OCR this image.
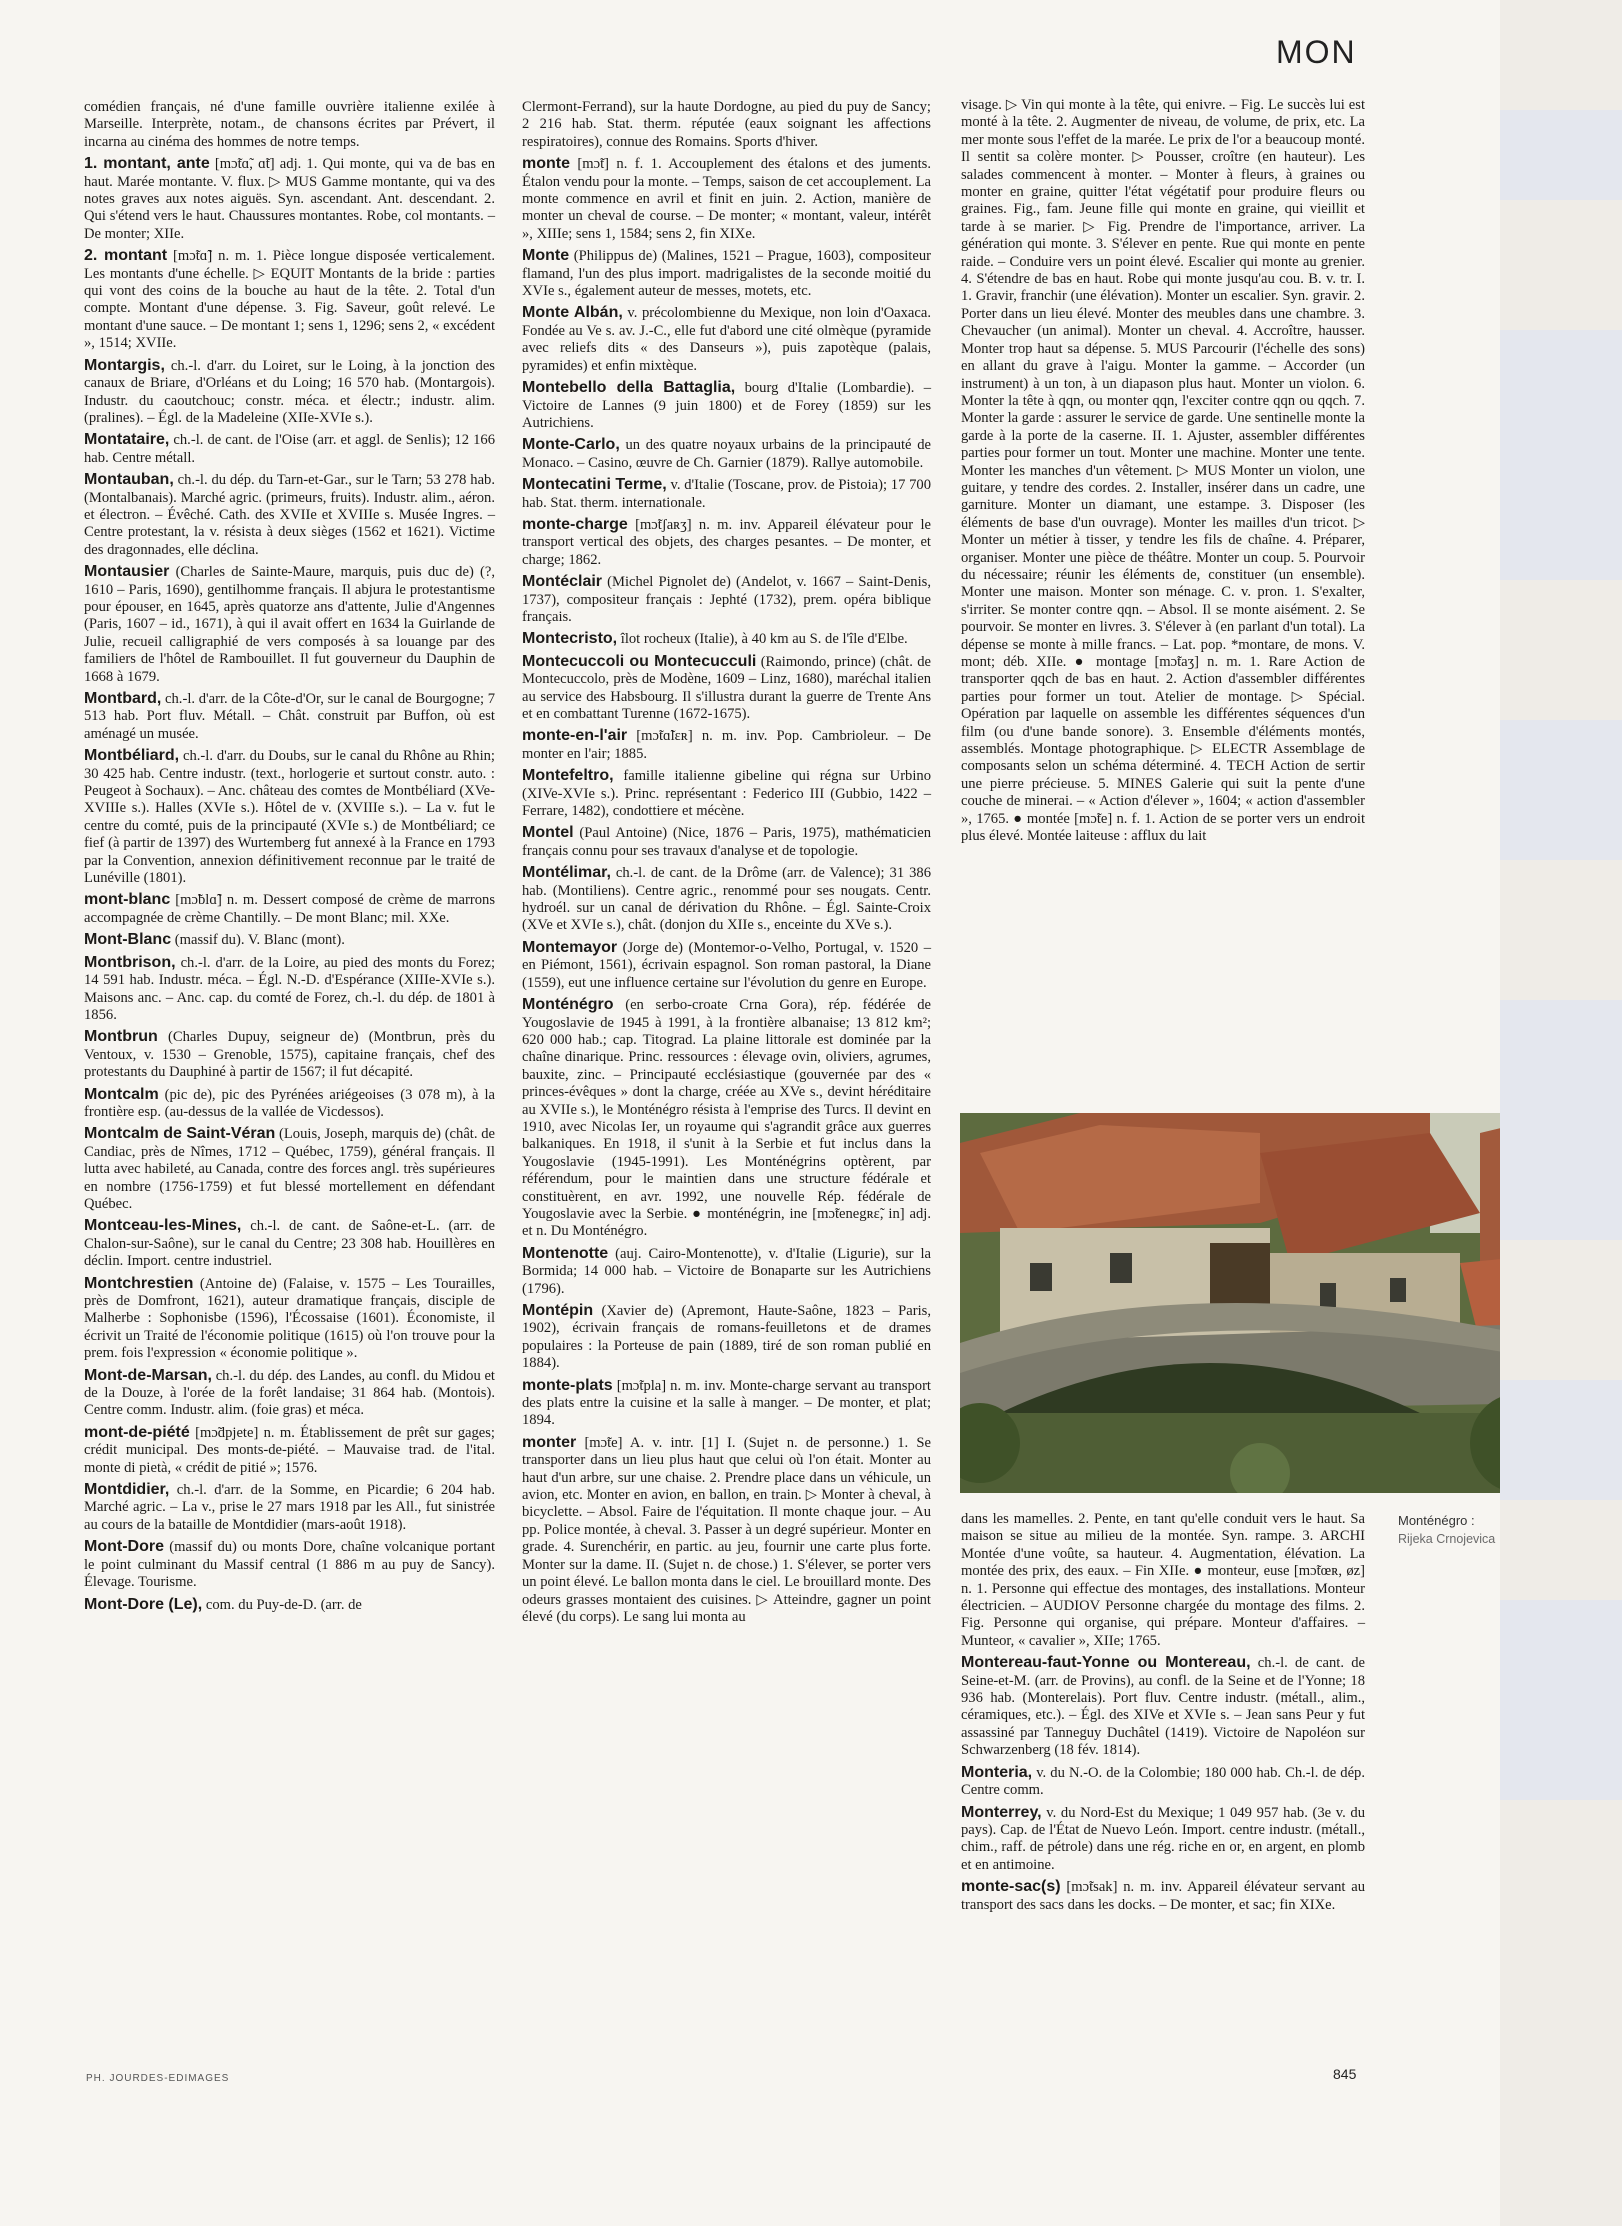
MON
comédien français, né d'une famille ouvrière italienne exilée à Marseille. Interprète, notam., de chansons écrites par Prévert, il incarna au cinéma des hommes de notre temps.
1. montant, ante [mɔ̃tɑ̃, ɑ̃t] adj. 1. Qui monte, qui va de bas en haut. Marée montante. V. flux. ▷ MUS Gamme montante, qui va des notes graves aux notes aiguës. Syn. ascendant. Ant. descendant. 2. Qui s'étend vers le haut. Chaussures montantes. Robe, col montants. – De monter; XIIe.
2. montant [mɔ̃tɑ̃] n. m. 1. Pièce longue disposée verticalement. Les montants d'une échelle. ▷ EQUIT Montants de la bride : parties qui vont des coins de la bouche au haut de la tête. 2. Total d'un compte. Montant d'une dépense. 3. Fig. Saveur, goût relevé. Le montant d'une sauce. – De montant 1; sens 1, 1296; sens 2, « excédent », 1514; XVIIe.
Montargis, ch.-l. d'arr. du Loiret, sur le Loing, à la jonction des canaux de Briare, d'Orléans et du Loing; 16 570 hab. (Montargois). Industr. du caoutchouc; constr. méca. et électr.; industr. alim. (pralines). – Égl. de la Madeleine (XIIe-XVIe s.).
Montataire, ch.-l. de cant. de l'Oise (arr. et aggl. de Senlis); 12 166 hab. Centre métall.
Montauban, ch.-l. du dép. du Tarn-et-Gar., sur le Tarn; 53 278 hab. (Montalbanais). Marché agric. (primeurs, fruits). Industr. alim., aéron. et électron. – Évêché. Cath. des XVIIe et XVIIIe s. Musée Ingres. – Centre protestant, la v. résista à deux sièges (1562 et 1621). Victime des dragonnades, elle déclina.
Montausier (Charles de Sainte-Maure, marquis, puis duc de) (?, 1610 – Paris, 1690), gentilhomme français. Il abjura le protestantisme pour épouser, en 1645, après quatorze ans d'attente, Julie d'Angennes (Paris, 1607 – id., 1671), à qui il avait offert en 1634 la Guirlande de Julie, recueil calligraphié de vers composés à sa louange par des familiers de l'hôtel de Rambouillet. Il fut gouverneur du Dauphin de 1668 à 1679.
Montbard, ch.-l. d'arr. de la Côte-d'Or, sur le canal de Bourgogne; 7 513 hab. Port fluv. Métall. – Chât. construit par Buffon, où est aménagé un musée.
Montbéliard, ch.-l. d'arr. du Doubs, sur le canal du Rhône au Rhin; 30 425 hab. Centre industr. (text., horlogerie et surtout constr. auto. : Peugeot à Sochaux). – Anc. château des comtes de Montbéliard (XVe-XVIIIe s.). Halles (XVIe s.). Hôtel de v. (XVIIIe s.). – La v. fut le centre du comté, puis de la principauté (XVIe s.) de Montbéliard; ce fief (à partir de 1397) des Wurtemberg fut annexé à la France en 1793 par la Convention, annexion définitivement reconnue par le traité de Lunéville (1801).
mont-blanc [mɔ̃blɑ̃] n. m. Dessert composé de crème de marrons accompagnée de crème Chantilly. – De mont Blanc; mil. XXe.
Mont-Blanc (massif du). V. Blanc (mont).
Montbrison, ch.-l. d'arr. de la Loire, au pied des monts du Forez; 14 591 hab. Industr. méca. – Égl. N.-D. d'Espérance (XIIIe-XVIe s.). Maisons anc. – Anc. cap. du comté de Forez, ch.-l. du dép. de 1801 à 1856.
Montbrun (Charles Dupuy, seigneur de) (Montbrun, près du Ventoux, v. 1530 – Grenoble, 1575), capitaine français, chef des protestants du Dauphiné à partir de 1567; il fut décapité.
Montcalm (pic de), pic des Pyrénées ariégeoises (3 078 m), à la frontière esp. (au-dessus de la vallée de Vicdessos).
Montcalm de Saint-Véran (Louis, Joseph, marquis de) (chât. de Candiac, près de Nîmes, 1712 – Québec, 1759), général français. Il lutta avec habileté, au Canada, contre des forces angl. très supérieures en nombre (1756-1759) et fut blessé mortellement en défendant Québec.
Montceau-les-Mines, ch.-l. de cant. de Saône-et-L. (arr. de Chalon-sur-Saône), sur le canal du Centre; 23 308 hab. Houillères en déclin. Import. centre industriel.
Montchrestien (Antoine de) (Falaise, v. 1575 – Les Tourailles, près de Domfront, 1621), auteur dramatique français, disciple de Malherbe : Sophonisbe (1596), l'Écossaise (1601). Économiste, il écrivit un Traité de l'économie politique (1615) où l'on trouve pour la prem. fois l'expression « économie politique ».
Mont-de-Marsan, ch.-l. du dép. des Landes, au confl. du Midou et de la Douze, à l'orée de la forêt landaise; 31 864 hab. (Montois). Centre comm. Industr. alim. (foie gras) et méca.
mont-de-piété [mɔ̃dpjete] n. m. Établissement de prêt sur gages; crédit municipal. Des monts-de-piété. – Mauvaise trad. de l'ital. monte di pietà, « crédit de pitié »; 1576.
Montdidier, ch.-l. d'arr. de la Somme, en Picardie; 6 204 hab. Marché agric. – La v., prise le 27 mars 1918 par les All., fut sinistrée au cours de la bataille de Montdidier (mars-août 1918).
Mont-Dore (massif du) ou monts Dore, chaîne volcanique portant le point culminant du Massif central (1 886 m au puy de Sancy). Élevage. Tourisme.
Mont-Dore (Le), com. du Puy-de-D. (arr. de
Clermont-Ferrand), sur la haute Dordogne, au pied du puy de Sancy; 2 216 hab. Stat. therm. réputée (eaux soignant les affections respiratoires), connue des Romains. Sports d'hiver.
monte [mɔ̃t] n. f. 1. Accouplement des étalons et des juments. Étalon vendu pour la monte. – Temps, saison de cet accouplement. La monte commence en avril et finit en juin. 2. Action, manière de monter un cheval de course. – De monter; « montant, valeur, intérêt », XIIIe; sens 1, 1584; sens 2, fin XIXe.
Monte (Philippus de) (Malines, 1521 – Prague, 1603), compositeur flamand, l'un des plus import. madrigalistes de la seconde moitié du XVIe s., également auteur de messes, motets, etc.
Monte Albán, v. précolombienne du Mexique, non loin d'Oaxaca. Fondée au Ve s. av. J.-C., elle fut d'abord une cité olmèque (pyramide avec reliefs dits « des Danseurs »), puis zapotèque (palais, pyramides) et enfin mixtèque.
Montebello della Battaglia, bourg d'Italie (Lombardie). – Victoire de Lannes (9 juin 1800) et de Forey (1859) sur les Autrichiens.
Monte-Carlo, un des quatre noyaux urbains de la principauté de Monaco. – Casino, œuvre de Ch. Garnier (1879). Rallye automobile.
Montecatini Terme, v. d'Italie (Toscane, prov. de Pistoia); 17 700 hab. Stat. therm. internationale.
monte-charge [mɔ̃tʃaʀʒ] n. m. inv. Appareil élévateur pour le transport vertical des objets, des charges pesantes. – De monter, et charge; 1862.
Montéclair (Michel Pignolet de) (Andelot, v. 1667 – Saint-Denis, 1737), compositeur français : Jephté (1732), prem. opéra biblique français.
Montecristo, îlot rocheux (Italie), à 40 km au S. de l'île d'Elbe.
Montecuccoli ou Montecucculi (Raimondo, prince) (chât. de Montecuccolo, près de Modène, 1609 – Linz, 1680), maréchal italien au service des Habsbourg. Il s'illustra durant la guerre de Trente Ans et en combattant Turenne (1672-1675).
monte-en-l'air [mɔ̃tɑ̃lɛʀ] n. m. inv. Pop. Cambrioleur. – De monter en l'air; 1885.
Montefeltro, famille italienne gibeline qui régna sur Urbino (XIVe-XVIe s.). Princ. représentant : Federico III (Gubbio, 1422 – Ferrare, 1482), condottiere et mécène.
Montel (Paul Antoine) (Nice, 1876 – Paris, 1975), mathématicien français connu pour ses travaux d'analyse et de topologie.
Montélimar, ch.-l. de cant. de la Drôme (arr. de Valence); 31 386 hab. (Montiliens). Centre agric., renommé pour ses nougats. Centr. hydroél. sur un canal de dérivation du Rhône. – Égl. Sainte-Croix (XVe et XVIe s.), chât. (donjon du XIIe s., enceinte du XVe s.).
Montemayor (Jorge de) (Montemor-o-Velho, Portugal, v. 1520 – en Piémont, 1561), écrivain espagnol. Son roman pastoral, la Diane (1559), eut une influence certaine sur l'évolution du genre en Europe.
Monténégro (en serbo-croate Crna Gora), rép. fédérée de Yougoslavie de 1945 à 1991, à la frontière albanaise; 13 812 km²; 620 000 hab.; cap. Titograd. La plaine littorale est dominée par la chaîne dinarique. Princ. ressources : élevage ovin, oliviers, agrumes, bauxite, zinc. – Principauté ecclésiastique (gouvernée par des « princes-évêques » dont la charge, créée au XVe s., devint héréditaire au XVIIe s.), le Monténégro résista à l'emprise des Turcs. Il devint en 1910, avec Nicolas Ier, un royaume qui s'agrandit grâce aux guerres balkaniques. En 1918, il s'unit à la Serbie et fut inclus dans la Yougoslavie (1945-1991). Les Monténégrins optèrent, par référendum, pour le maintien dans une structure fédérale et constituèrent, en avr. 1992, une nouvelle Rép. fédérale de Yougoslavie avec la Serbie. ● monténégrin, ine [mɔ̃tenegʀɛ̃, in] adj. et n. Du Monténégro.
Montenotte (auj. Cairo-Montenotte), v. d'Italie (Ligurie), sur la Bormida; 14 000 hab. – Victoire de Bonaparte sur les Autrichiens (1796).
Montépin (Xavier de) (Apremont, Haute-Saône, 1823 – Paris, 1902), écrivain français de romans-feuilletons et de drames populaires : la Porteuse de pain (1889, tiré de son roman publié en 1884).
monte-plats [mɔ̃tpla] n. m. inv. Monte-charge servant au transport des plats entre la cuisine et la salle à manger. – De monter, et plat; 1894.
monter [mɔ̃te] A. v. intr. [1] I. (Sujet n. de personne.) 1. Se transporter dans un lieu plus haut que celui où l'on était. Monter au haut d'un arbre, sur une chaise. 2. Prendre place dans un véhicule, un avion, etc. Monter en avion, en ballon, en train. ▷ Monter à cheval, à bicyclette. – Absol. Faire de l'équitation. Il monte chaque jour. – Au pp. Police montée, à cheval. 3. Passer à un degré supérieur. Monter en grade. 4. Surenchérir, en partic. au jeu, fournir une carte plus forte. Monter sur la dame. II. (Sujet n. de chose.) 1. S'élever, se porter vers un point élevé. Le ballon monta dans le ciel. Le brouillard monte. Des odeurs grasses montaient des cuisines. ▷ Atteindre, gagner un point élevé (du corps). Le sang lui monta au
visage. ▷ Vin qui monte à la tête, qui enivre. – Fig. Le succès lui est monté à la tête. 2. Augmenter de niveau, de volume, de prix, etc. La mer monte sous l'effet de la marée. Le prix de l'or a beaucoup monté. Il sentit sa colère monter. ▷ Pousser, croître (en hauteur). Les salades commencent à monter. – Monter à fleurs, à graines ou monter en graine, quitter l'état végétatif pour produire fleurs ou graines. Fig., fam. Jeune fille qui monte en graine, qui vieillit et tarde à se marier. ▷ Fig. Prendre de l'importance, arriver. La génération qui monte. 3. S'élever en pente. Rue qui monte en pente raide. – Conduire vers un point élevé. Escalier qui monte au grenier. 4. S'étendre de bas en haut. Robe qui monte jusqu'au cou. B. v. tr. I. 1. Gravir, franchir (une élévation). Monter un escalier. Syn. gravir. 2. Porter dans un lieu élevé. Monter des meubles dans une chambre. 3. Chevaucher (un animal). Monter un cheval. 4. Accroître, hausser. Monter trop haut sa dépense. 5. MUS Parcourir (l'échelle des sons) en allant du grave à l'aigu. Monter la gamme. – Accorder (un instrument) à un ton, à un diapason plus haut. Monter un violon. 6. Monter la tête à qqn, ou monter qqn, l'exciter contre qqn ou qqch. 7. Monter la garde : assurer le service de garde. Une sentinelle monte la garde à la porte de la caserne. II. 1. Ajuster, assembler différentes parties pour former un tout. Monter une machine. Monter une tente. Monter les manches d'un vêtement. ▷ MUS Monter un violon, une guitare, y tendre des cordes. 2. Installer, insérer dans un cadre, une garniture. Monter un diamant, une estampe. 3. Disposer (les éléments de base d'un ouvrage). Monter les mailles d'un tricot. ▷ Monter un métier à tisser, y tendre les fils de chaîne. 4. Préparer, organiser. Monter une pièce de théâtre. Monter un coup. 5. Pourvoir du nécessaire; réunir les éléments de, constituer (un ensemble). Monter une maison. Monter son ménage. C. v. pron. 1. S'exalter, s'irriter. Se monter contre qqn. – Absol. Il se monte aisément. 2. Se pourvoir. Se monter en livres. 3. S'élever à (en parlant d'un total). La dépense se monte à mille francs. – Lat. pop. *montare, de mons. V. mont; déb. XIIe. ● montage [mɔ̃taʒ] n. m. 1. Rare Action de transporter qqch de bas en haut. 2. Action d'assembler différentes parties pour former un tout. Atelier de montage. ▷ Spécial. Opération par laquelle on assemble les différentes séquences d'un film (ou d'une bande sonore). 3. Ensemble d'éléments montés, assemblés. Montage photographique. ▷ ELECTR Assemblage de composants selon un schéma déterminé. 4. TECH Action de sertir une pierre précieuse. 5. MINES Galerie qui suit la pente d'une couche de minerai. – « Action d'élever », 1604; « action d'assembler », 1765. ● montée [mɔ̃te] n. f. 1. Action de se porter vers un endroit plus élevé. Montée laiteuse : afflux du lait
Monténégro :
Rijeka Crnojevica
dans les mamelles. 2. Pente, en tant qu'elle conduit vers le haut. Sa maison se situe au milieu de la montée. Syn. rampe. 3. ARCHI Montée d'une voûte, sa hauteur. 4. Augmentation, élévation. La montée des prix, des eaux. – Fin XIIe. ● monteur, euse [mɔ̃tœʀ, øz] n. 1. Personne qui effectue des montages, des installations. Monteur électricien. – AUDIOV Personne chargée du montage des films. 2. Fig. Personne qui organise, qui prépare. Monteur d'affaires. – Munteor, « cavalier », XIIe; 1765.
Montereau-faut-Yonne ou Montereau, ch.-l. de cant. de Seine-et-M. (arr. de Provins), au confl. de la Seine et de l'Yonne; 18 936 hab. (Monterelais). Port fluv. Centre industr. (métall., alim., céramiques, etc.). – Égl. des XIVe et XVIe s. – Jean sans Peur y fut assassiné par Tanneguy Duchâtel (1419). Victoire de Napoléon sur Schwarzenberg (18 fév. 1814).
Monteria, v. du N.-O. de la Colombie; 180 000 hab. Ch.-l. de dép. Centre comm.
Monterrey, v. du Nord-Est du Mexique; 1 049 957 hab. (3e v. du pays). Cap. de l'État de Nuevo León. Import. centre industr. (métall., chim., raff. de pétrole) dans une rég. riche en or, en argent, en plomb et en antimoine.
monte-sac(s) [mɔ̃tsak] n. m. inv. Appareil élévateur servant au transport des sacs dans les docks. – De monter, et sac; fin XIXe.
PH. JOURDES-EDIMAGES	845
